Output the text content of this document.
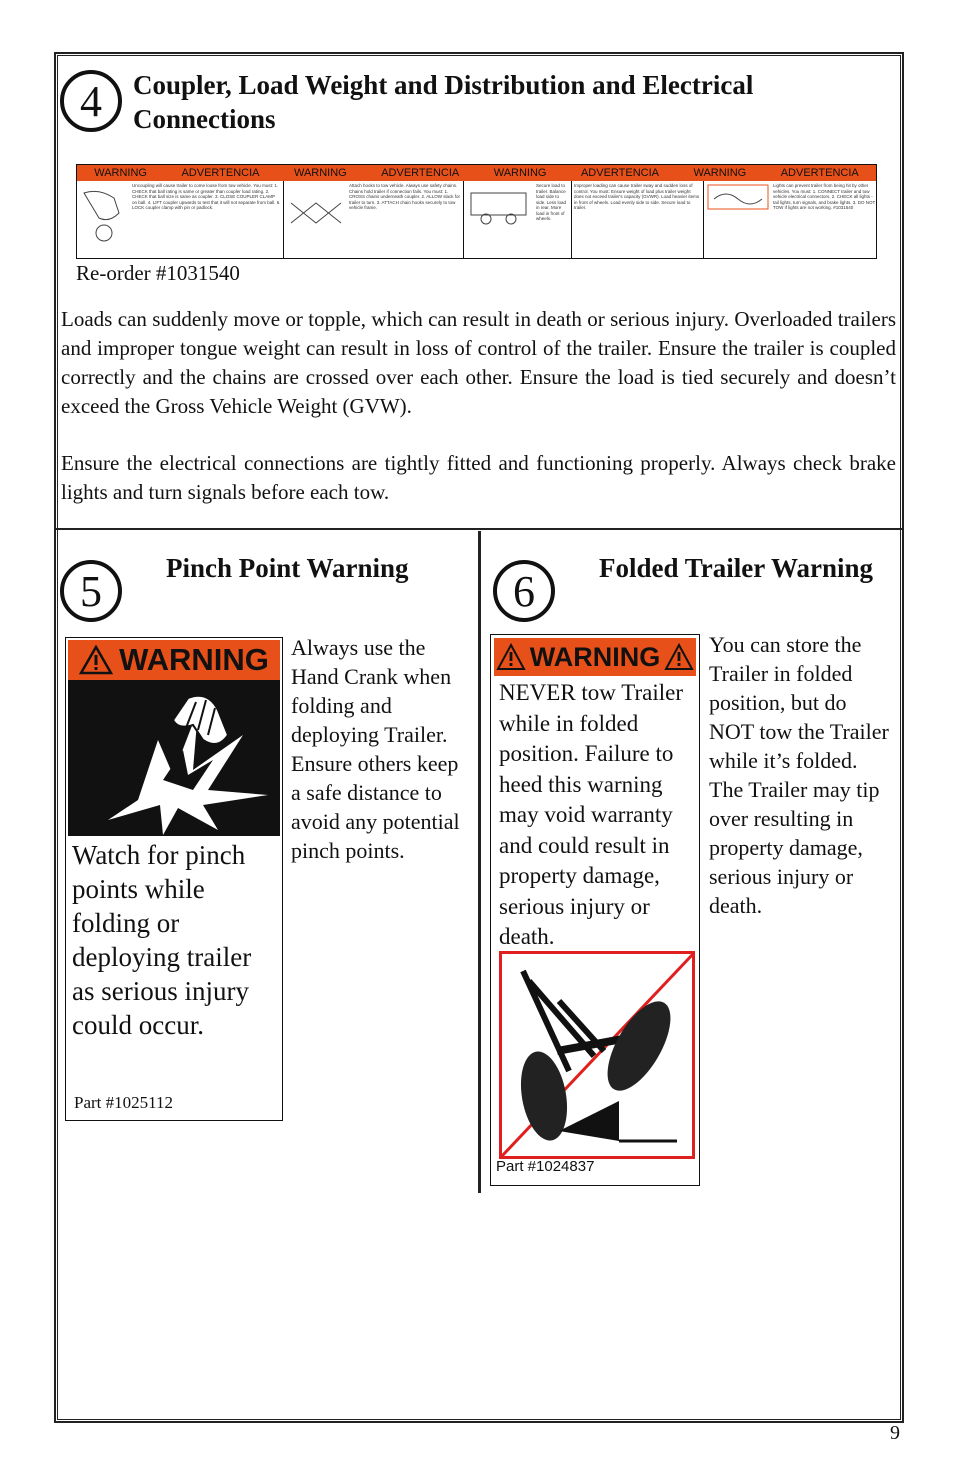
4 Coupler, Load Weight and Distribution and Electrical Connections
WARNING	ADVERTENCIA	WARNING	ADVERTENCIA	WARNING	ADVERTENCIA	WARNING	ADVERTENCIA
Uncoupling will cause trailer to come loose from tow vehicle. You must: 1. CHECK that ball rating is same or greater than coupler load rating. 2. CHECK that ball size is same as coupler. 3. CLOSE COUPLER CLAMP on ball. 4. LIFT coupler upwards to test that it will not separate from ball. 5. LOCK coupler clamp with pin or padlock.
Attach hooks to tow vehicle. Always use safety chains. Chains hold trailer if connection fails. You must: 1. CROSS chains underneath coupler. 2. ALLOW slack for trailer to turn. 3. ATTACH chain hooks securely to tow vehicle frame.
Secure load to trailer. Balance load side to side. Less load in rear. More load in front of wheels.
Improper loading can cause trailer sway and sudden loss of control. You must: Ensure weight of load plus trailer weight does not exceed trailer's capacity (GVWR). Load heavier items in front of wheels. Load evenly side to side. Secure load to trailer.
Lights can prevent trailer from being hit by other vehicles. You must: 1. CONNECT trailer and tow vehicle electrical connectors. 2. CHECK all lights - tail lights, turn signals, and brake lights. 3. DO NOT TOW if lights are not working. #1031540
Re-order #1031540
Loads can suddenly move or topple, which can result in death or serious injury. Overloaded trailers and improper tongue weight can result in loss of control of the trailer. Ensure the trailer is coupled correctly and the chains are crossed over each other. Ensure the load is tied securely and doesn’t exceed the Gross Vehicle Weight (GVW).
Ensure the electrical connections are tightly fitted and functioning properly. Always check brake lights and turn signals before each tow.
5 Pinch Point Warning
WARNING
Watch for pinch points while folding or deploying trailer as serious injury could occur.
Part #1025112
Always use the Hand Crank when folding and deploying Trailer. Ensure others keep a safe distance to avoid any potential pinch points.
6 Folded Trailer Warning
WARNING
NEVER tow Trailer while in folded position. Failure to heed this warning may void warranty and could result in property damage, serious injury or death.
Part #1024837
You can store the Trailer in folded position, but do NOT tow the Trailer while it’s folded. The Trailer may tip over resulting in property damage, serious injury or death.
9
